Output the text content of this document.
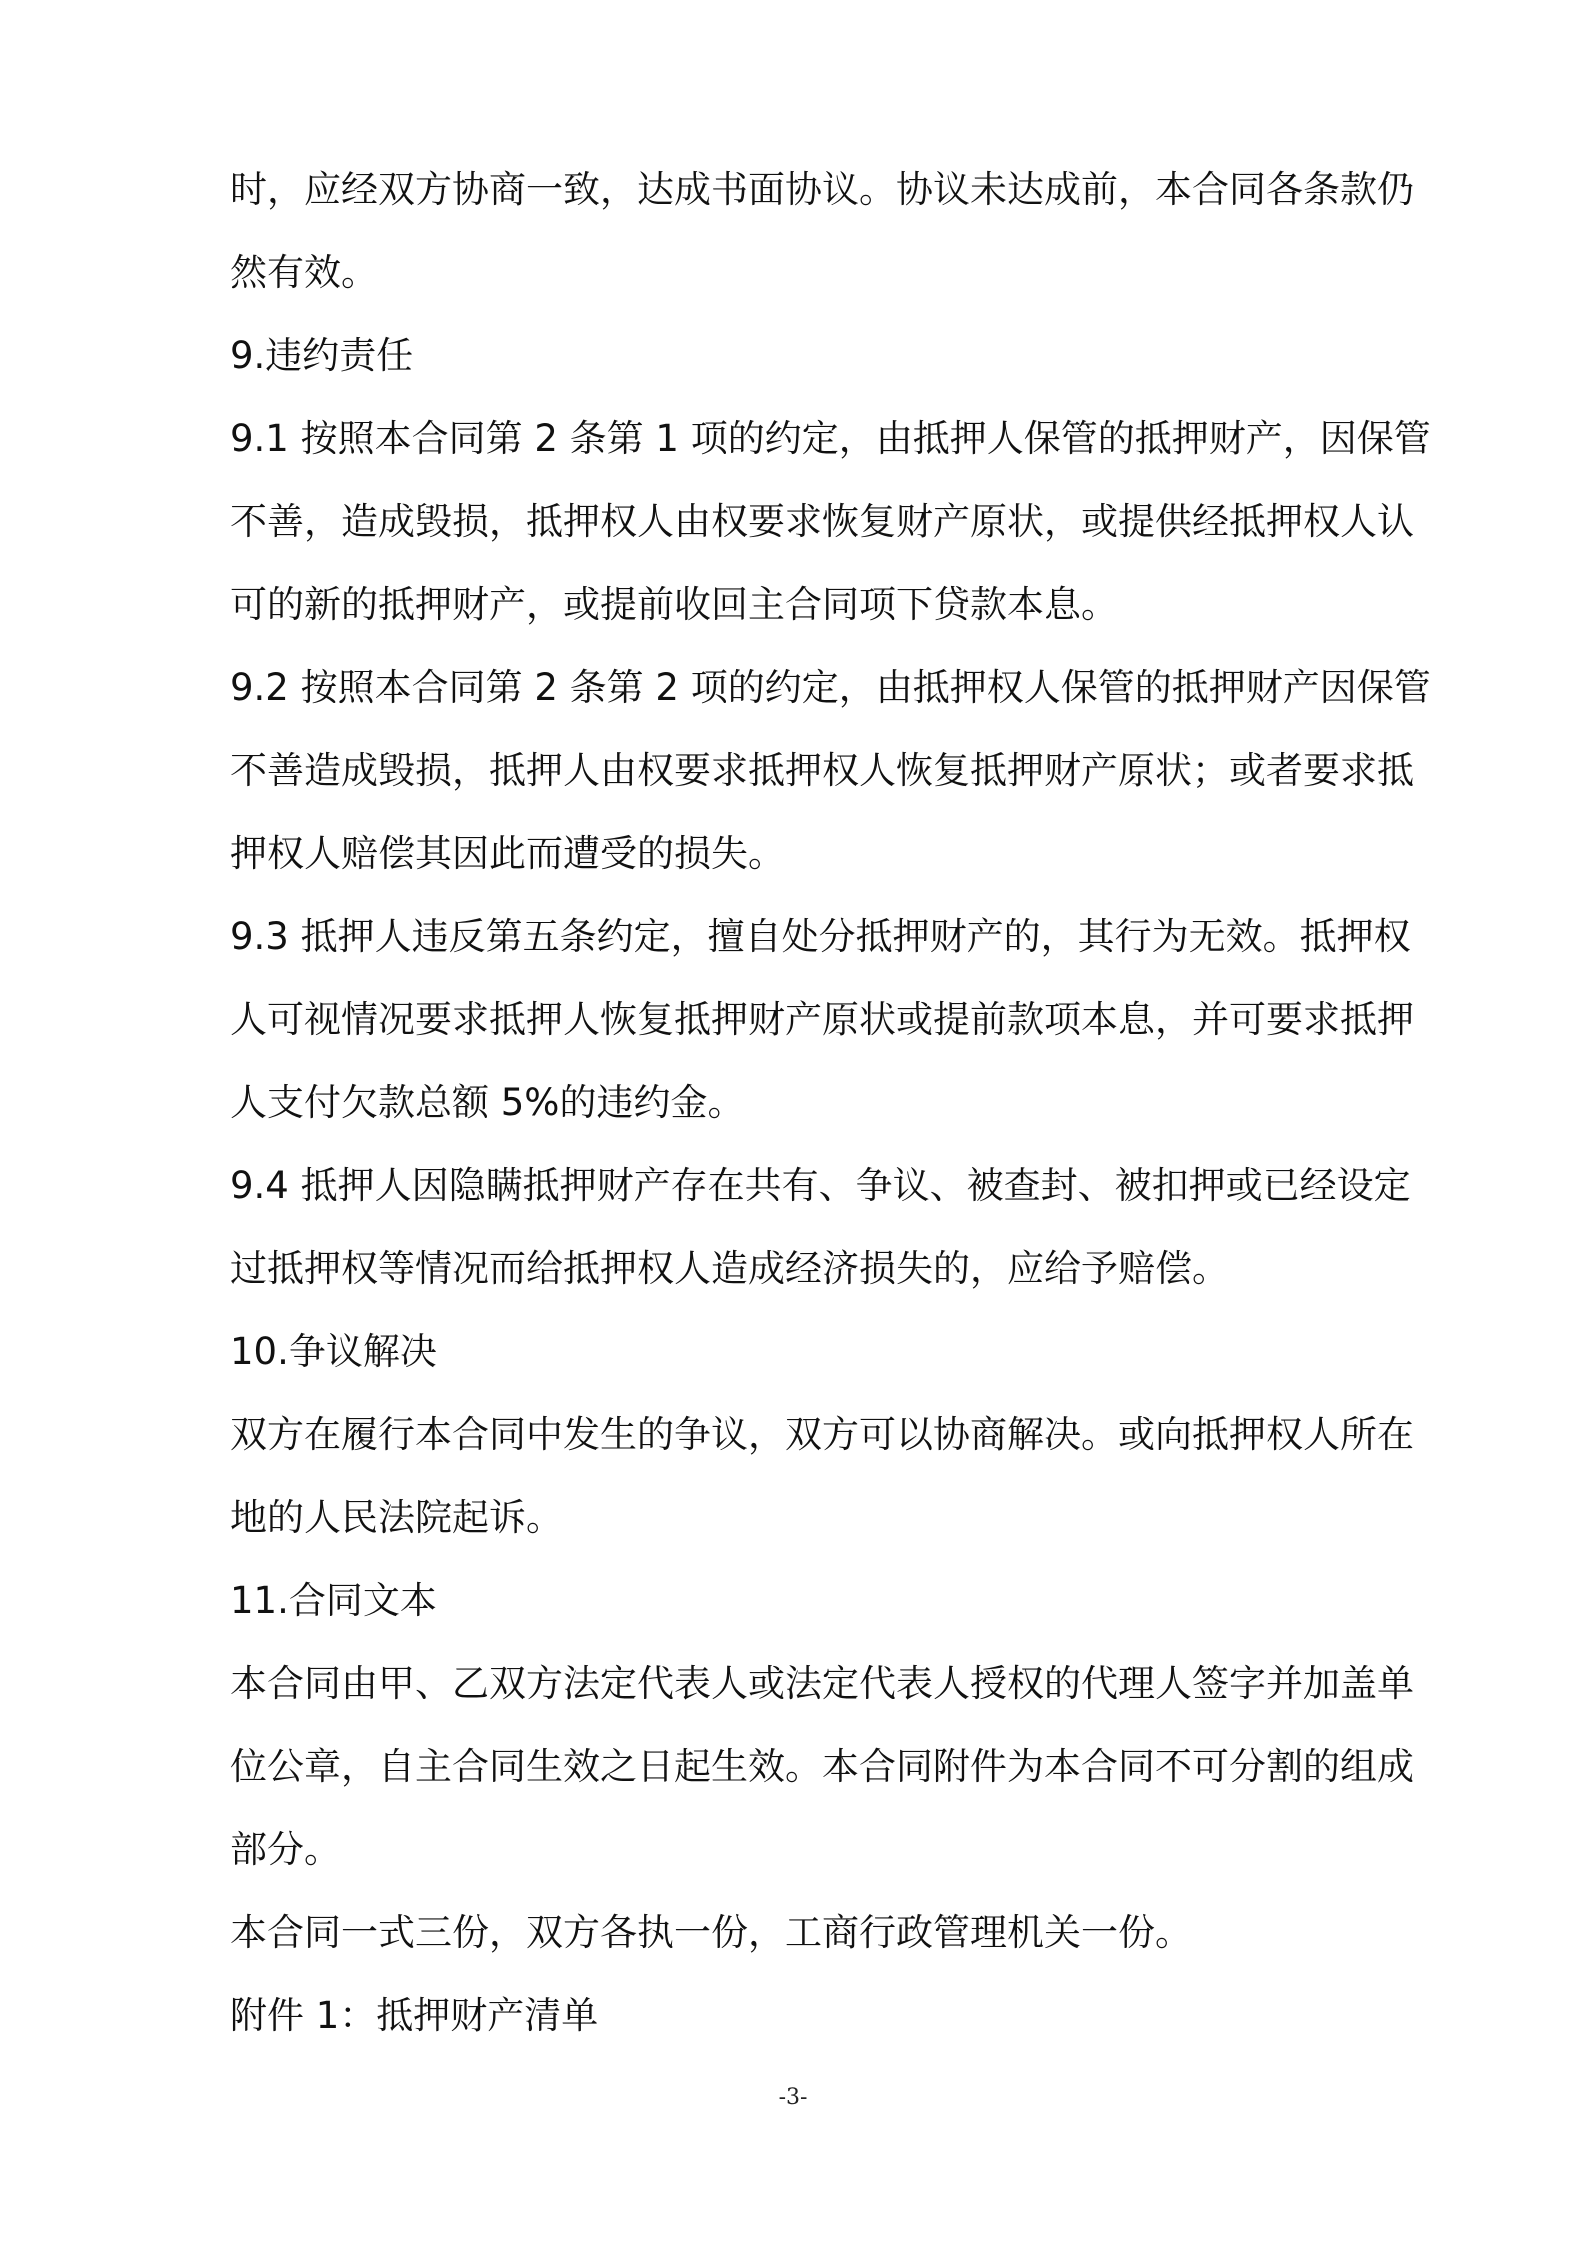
时，应经双方协商一致，达成书面协议。协议未达成前，本合同各条款仍
然有效。
9.违约责任
9.1 按照本合同第 2 条第 1 项的约定，由抵押人保管的抵押财产，因保管
不善，造成毁损，抵押权人由权要求恢复财产原状，或提供经抵押权人认
可的新的抵押财产，或提前收回主合同项下贷款本息。
9.2 按照本合同第 2 条第 2 项的约定，由抵押权人保管的抵押财产因保管
不善造成毁损，抵押人由权要求抵押权人恢复抵押财产原状；或者要求抵
押权人赔偿其因此而遭受的损失。
9.3 抵押人违反第五条约定，擅自处分抵押财产的，其行为无效。抵押权
人可视情况要求抵押人恢复抵押财产原状或提前款项本息，并可要求抵押
人支付欠款总额 5%的违约金。
9.4 抵押人因隐瞒抵押财产存在共有、争议、被查封、被扣押或已经设定
过抵押权等情况而给抵押权人造成经济损失的，应给予赔偿。
10.争议解决
双方在履行本合同中发生的争议，双方可以协商解决。或向抵押权人所在
地的人民法院起诉。
11.合同文本
本合同由甲、乙双方法定代表人或法定代表人授权的代理人签字并加盖单
位公章，自主合同生效之日起生效。本合同附件为本合同不可分割的组成
部分。
本合同一式三份，双方各执一份，工商行政管理机关一份。
附件 1：抵押财产清单
-3-
